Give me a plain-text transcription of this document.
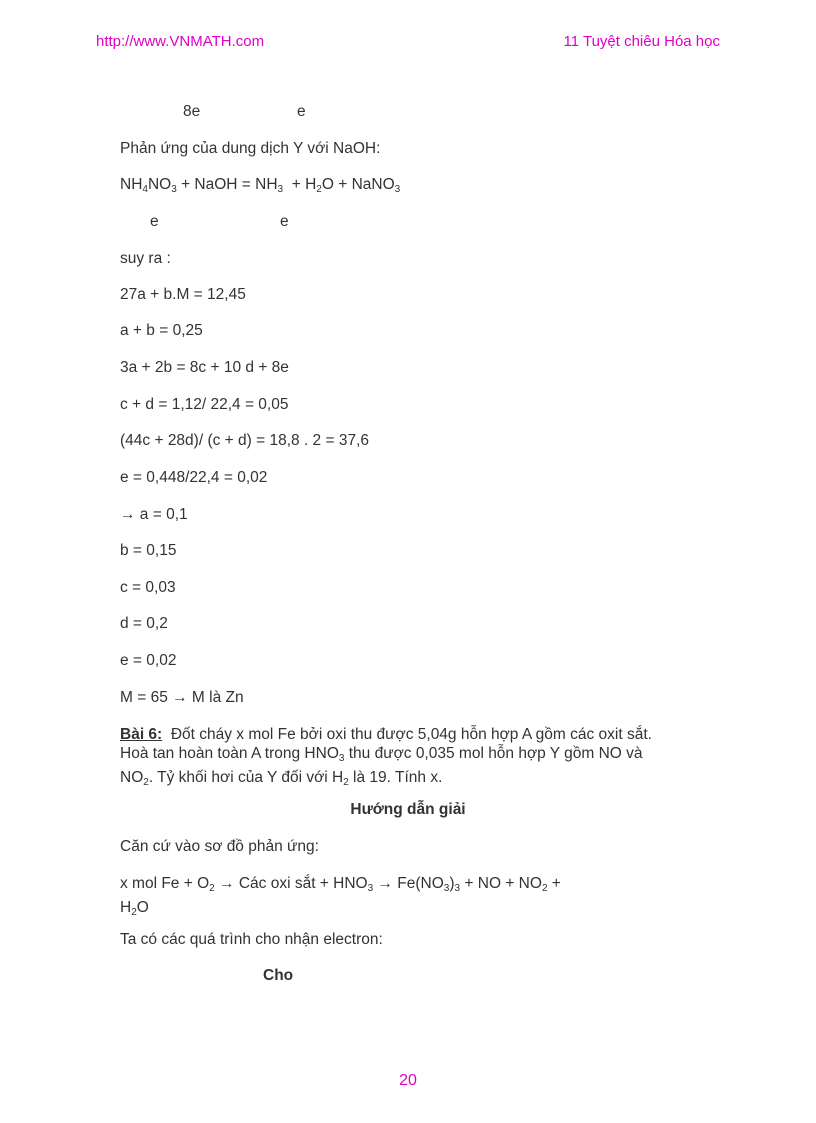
http://www.VNMATH.com	11 Tuyệt chiêu Hóa học
8e	e
Phản ứng của dung dịch Y với NaOH:
$NH_4NO_3$ + NaOH = $NH_3 + H_2O$ + NaNO$_3$
e	e
suy ra :
27a + b.M = 12,45
a + b = 0,25
3a + 2b = 8c + 10 d + 8e
c + d = 1,12/ 22,4 = 0,05
(44c + 28d)/ (c + d) = 18,8 . 2 = 37,6
e = 0,448/22,4 = 0,02
→ a = 0,1
b = 0,15
c = 0,03
d = 0,2
e = 0,02
M = 65 → M là Zn
Bài 6:  Đốt cháy x mol Fe bởi oxi thu được 5,04g hỗn hợp A gồm các oxit sắt.
Hoà tan hoàn toàn A trong $HNO_3$ thu được 0,035 mol hỗn hợp Y gồm NO và
$NO_2$. Tỷ khối hơi của Y đối với $H_2$ là 19. Tính x.
Hướng dẫn giải
Căn cứ vào sơ đồ phản ứng:
x mol $Fe + O_2$ → Các oxi sắt + $HNO_3 \to Fe(NO_3)_3$ + NO + $NO_2$ +
$H_2O$
Ta có các quá trình cho nhận electron:
Cho
20
